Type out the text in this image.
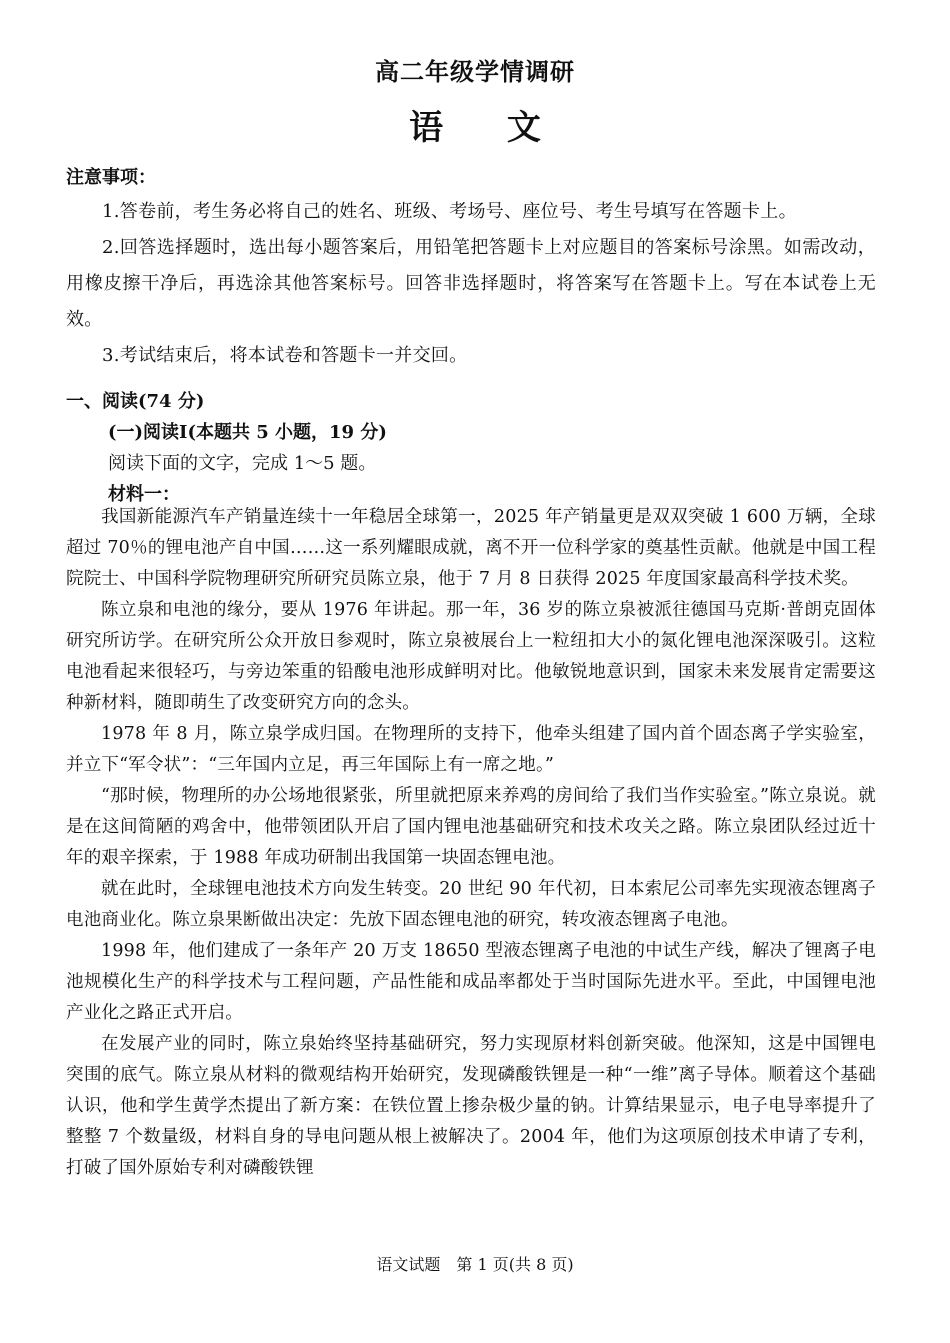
高二年级学情调研
语 文

注意事项：

1.答卷前，考生务必将自己的姓名、班级、考场号、座位号、考生号填写在答题卡上。

2.回答选择题时，选出每小题答案后，用铅笔把答题卡上对应题目的答案标号涂黑。如需改动，用橡皮擦干净后，再选涂其他答案标号。回答非选择题时，将答案写在答题卡上。写在本试卷上无效。

3.考试结束后，将本试卷和答题卡一并交回。

一、阅读(74 分)

(一)阅读Ⅰ(本题共 5 小题，19 分)

阅读下面的文字，完成 1～5 题。

材料一：

我国新能源汽车产销量连续十一年稳居全球第一，2025 年产销量更是双双突破 1 600 万辆，全球超过 70％的锂电池产自中国……这一系列耀眼成就，离不开一位科学家的奠基性贡献。他就是中国工程院院士、中国科学院物理研究所研究员陈立泉，他于 7 月 8 日获得 2025 年度国家最高科学技术奖。

陈立泉和电池的缘分，要从 1976 年讲起。那一年，36 岁的陈立泉被派往德国马克斯·普朗克固体研究所访学。在研究所公众开放日参观时，陈立泉被展台上一粒纽扣大小的氮化锂电池深深吸引。这粒电池看起来很轻巧，与旁边笨重的铅酸电池形成鲜明对比。他敏锐地意识到，国家未来发展肯定需要这种新材料，随即萌生了改变研究方向的念头。

1978 年 8 月，陈立泉学成归国。在物理所的支持下，他牵头组建了国内首个固态离子学实验室，并立下“军令状”：“三年国内立足，再三年国际上有一席之地。”

“那时候，物理所的办公场地很紧张，所里就把原来养鸡的房间给了我们当作实验室。”陈立泉说。就是在这间简陋的鸡舍中，他带领团队开启了国内锂电池基础研究和技术攻关之路。陈立泉团队经过近十年的艰辛探索，于 1988 年成功研制出我国第一块固态锂电池。

就在此时，全球锂电池技术方向发生转变。20 世纪 90 年代初，日本索尼公司率先实现液态锂离子电池商业化。陈立泉果断做出决定：先放下固态锂电池的研究，转攻液态锂离子电池。

1998 年，他们建成了一条年产 20 万支 18650 型液态锂离子电池的中试生产线，解决了锂离子电池规模化生产的科学技术与工程问题，产品性能和成品率都处于当时国际先进水平。至此，中国锂电池产业化之路正式开启。

在发展产业的同时，陈立泉始终坚持基础研究，努力实现原材料创新突破。他深知，这是中国锂电突围的底气。陈立泉从材料的微观结构开始研究，发现磷酸铁锂是一种“一维”离子导体。顺着这个基础认识，他和学生黄学杰提出了新方案：在铁位置上掺杂极少量的钠。计算结果显示，电子电导率提升了整整 7 个数量级，材料自身的导电问题从根上被解决了。2004 年，他们为这项原创技术申请了专利，打破了国外原始专利对磷酸铁锂

语文试题　第 1 页(共 8 页)
